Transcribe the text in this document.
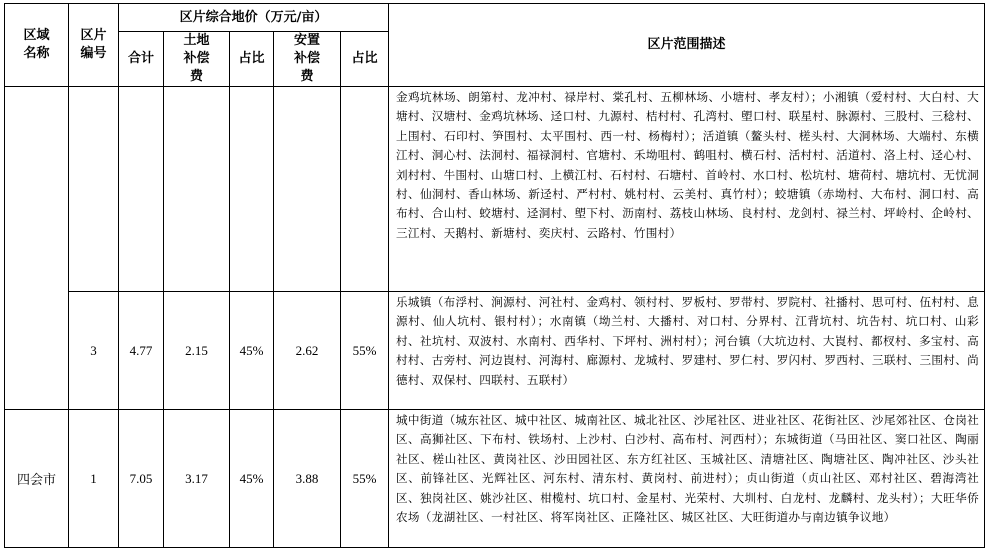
区域名称	区片编号	区片综合地价（万元/亩）					区片范围描述
		合计	土地补偿费	占比	安置补偿费	占比	
							金鸡坑林场、朗第村、龙冲村、禄岸村、棠孔村、五柳林场、小塘村、孝友村）；小湘镇（爱村村、大白村、大塘村、汉塘村、金鸡坑林场、迳口村、九源村、桔村村、孔湾村、塱口村、联星村、脉源村、三股村、三稔村、上围村、石印村、笋围村、太平围村、西一村、杨梅村）；活道镇（鳌头村、槎头村、大洞林场、大端村、东横江村、洞心村、法洞村、福禄洞村、官塘村、禾坳咀村、鹤咀村、横石村、活村村、活道村、洛上村、迳心村、刘村村、牛围村、山塘口村、上横江村、石村村、石塘村、首岭村、水口村、松坑村、塘荷村、塘坑村、无忧洞村、仙洞村、香山林场、新迳村、严村村、姚村村、云美村、真竹村）；蛟塘镇（赤坳村、大布村、洞口村、高布村、合山村、蛟塘村、迳洞村、塱下村、沥南村、荔枝山林场、良村村、龙剑村、禄兰村、坪岭村、企岭村、三江村、天鹅村、新塘村、奕庆村、云路村、竹围村）
	3	4.77	2.15	45%	2.62	55%	乐城镇（布浮村、涧源村、河社村、金鸡村、领村村、罗板村、罗带村、罗院村、社播村、思可村、伍村村、息源村、仙人坑村、银村村）；水南镇（坳兰村、大播村、对口村、分界村、江背坑村、坑告村、坑口村、山彩村、社坑村、双波村、水南村、西华村、下坪村、洲村村）；河台镇（大坑边村、大崀村、都杈村、多宝村、高村村、古旁村、河边崀村、河海村、廊源村、龙城村、罗建村、罗仁村、罗闪村、罗西村、三联村、三围村、尚德村、双保村、四联村、五联村）
四会市	1	7.05	3.17	45%	3.88	55%	城中街道（城东社区、城中社区、城南社区、城北社区、沙尾社区、进业社区、花街社区、沙尾郊社区、仓岗社区、高狮社区、下布村、铁场村、上沙村、白沙村、高布村、河西村）；东城街道（马田社区、窦口社区、陶丽社区、槎山社区、黄岗社区、沙田园社区、东方红社区、玉城社区、清塘社区、陶塘社区、陶冲社区、沙头社区、前锋社区、光辉社区、河东村、清东村、黄岗村、前进村）；贞山街道（贞山社区、邓村社区、碧海湾社区、独岗社区、姚沙社区、柑榄村、坑口村、金星村、光荣村、大圳村、白龙村、龙麟村、龙头村）；大旺华侨农场（龙湖社区、一村社区、将军岗社区、正隆社区、城区社区、大旺街道办与南边镇争议地）
